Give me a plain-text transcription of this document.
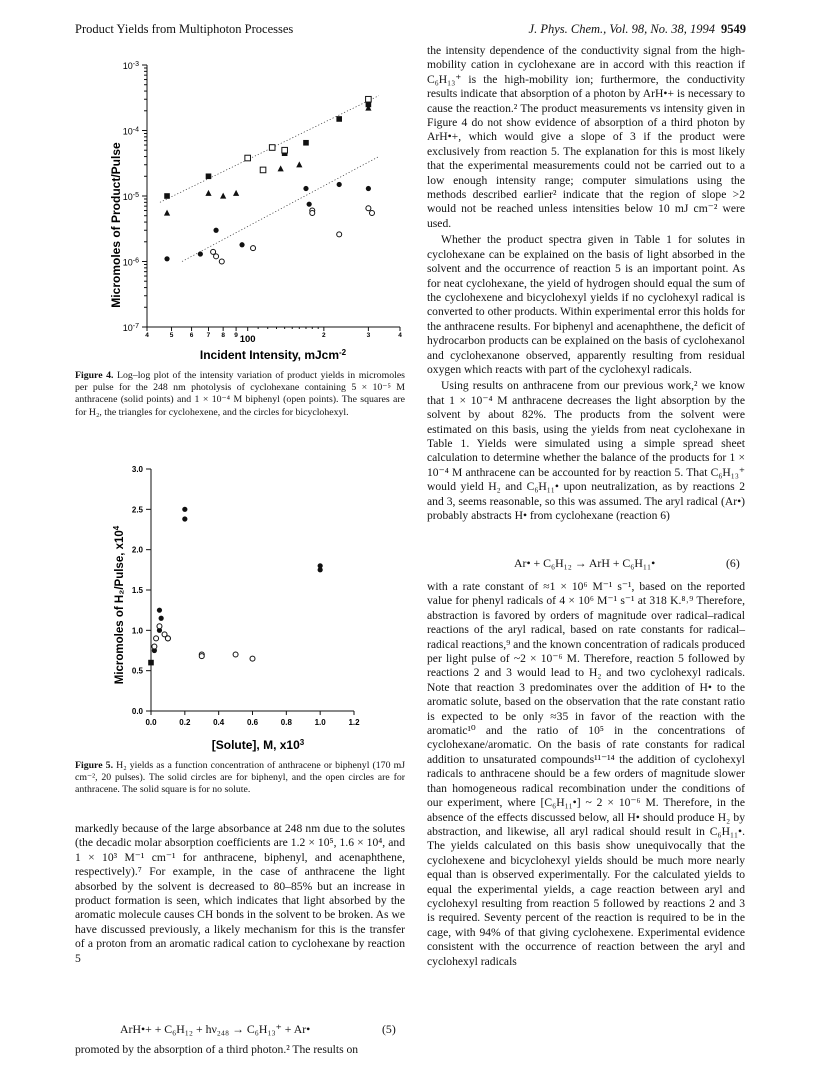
Product Yields from Multiphoton Processes	J. Phys. Chem., Vol. 98, No. 38, 1994 9549
$10^{-3}$
$10^{-4}$
$10^{-5}$
$10^{-6}$
$10^{-7}$
4	5	6 7 8 9 100	2	3	4
Micromoles of Product/Pulse
Incident Intensity, mJcm$^{-2}$
Figure 4. Log–log plot of the intensity variation of product yields in micromoles per pulse for the 248 nm photolysis of cyclohexane containing 5 × 10⁻⁵ M anthracene (solid points) and 1 × 10⁻⁴ M biphenyl (open points). The squares are for H₂, the triangles for cyclohexene, and the circles for bicyclohexyl.
0.0
0.5
1.0
1.5
2.0
2.5
3.0
0.0	0.2	0.4	0.6	0.8	1.0	1.2
Micromoles of H₂/Pulse, $x10^4$
[Solute], M, $x10^3$
Figure 5. H₂ yields as a function concentration of anthracene or biphenyl (170 mJ cm⁻², 20 pulses). The solid circles are for biphenyl, and the open circles are for anthracene. The solid square is for no solute.

markedly because of the large absorbance at 248 nm due to the solutes (the decadic molar absorption coefficients are 1.2 × 10⁵, 1.6 × 10⁴, and 1 × 10³ M⁻¹ cm⁻¹ for anthracene, biphenyl, and acenaphthene, respectively).⁷ For example, in the case of anthracene the light absorbed by the solvent is decreased to 80–85% but an increase in product formation is seen, which indicates that light absorbed by the aromatic molecule causes CH bonds in the solvent to be broken. As we have discussed previously, a likely mechanism for this is the transfer of a proton from an aromatic radical cation to cyclohexane by reaction 5

ArH•+ + C₆H₁₂ + hν₂₄₈ → C₆H₁₃⁺ + Ar•	(5)

promoted by the absorption of a third photon.² The results on

the intensity dependence of the conductivity signal from the high-mobility cation in cyclohexane are in accord with this reaction if C₆H₁₃⁺ is the high-mobility ion; furthermore, the conductivity results indicate that absorption of a photon by ArH•+ is necessary to cause the reaction.² The product measurements vs intensity given in Figure 4 do not show evidence of absorption of a third photon by ArH•+, which would give a slope of 3 if the product were exclusively from reaction 5. The explanation for this is most likely that the experimental measurements could not be carried out to a low enough intensity range; computer simulations using the methods described earlier² indicate that the region of slope >2 would not be reached unless intensities below 10 mJ cm⁻² were used.

Whether the product spectra given in Table 1 for solutes in cyclohexane can be explained on the basis of light absorbed in the solvent and the occurrence of reaction 5 is an important point. As for neat cyclohexane, the yield of hydrogen should equal the sum of the cyclohexene and bicyclohexyl yields if no cyclohexyl radical is converted to other products. Within experimental error this holds for the anthracene results. For biphenyl and acenaphthene, the deficit of hydrocarbon products can be explained on the basis of cyclohexanol and cyclohexanone observed, apparently resulting from residual oxygen which reacts with part of the cyclohexyl radicals.

Using results on anthracene from our previous work,² we know that 1 × 10⁻⁴ M anthracene decreases the light absorption by the solvent by about 82%. The products from the solvent were estimated on this basis, using the yields from neat cyclohexane in Table 1. Yields were simulated using a simple spread sheet calculation to determine whether the balance of the products for 1 × 10⁻⁴ M anthracene can be accounted for by reaction 5. That C₆H₁₃⁺ would yield H₂ and C₆H₁₁• upon neutralization, as by reactions 2 and 3, seems reasonable, so this was assumed. The aryl radical (Ar•) probably abstracts H• from cyclohexane (reaction 6)

Ar• + C₆H₁₂ → ArH + C₆H₁₁•	(6)

with a rate constant of ≈1 × 10⁶ M⁻¹ s⁻¹, based on the reported value for phenyl radicals of 4 × 10⁶ M⁻¹ s⁻¹ at 318 K.⁸˒⁹ Therefore, abstraction is favored by orders of magnitude over radical–radical reactions of the aryl radical, based on rate constants for radical–radical reactions,⁹ and the known concentration of radicals produced per light pulse of ~2 × 10⁻⁶ M. Therefore, reaction 5 followed by reactions 2 and 3 would lead to H₂ and two cyclohexyl radicals. Note that reaction 3 predominates over the addition of H• to the aromatic solute, based on the observation that the rate constant ratio is expected to be only ≈35 in favor of the reaction with the aromatic¹⁰ and the ratio of 10⁵ in the concentrations of cyclohexane/aromatic. On the basis of rate constants for radical addition to unsaturated compounds¹¹⁻¹⁴ the addition of cyclohexyl radicals to anthracene should be a few orders of magnitude slower than homogeneous radical recombination under the conditions of our experiment, where [C₆H₁₁•] ~ 2 × 10⁻⁶ M. Therefore, in the absence of the effects discussed below, all H• should produce H₂ by abstraction, and likewise, all aryl radical should result in C₆H₁₁•. The yields calculated on this basis show unequivocally that the cyclohexene and bicyclohexyl yields should be much more nearly equal than is observed experimentally. For the calculated yields to equal the experimental yields, a cage reaction between aryl and cyclohexyl resulting from reaction 5 followed by reactions 2 and 3 is required. Seventy percent of the reaction is required to be in the cage, with 94% of that giving cyclohexene. Experimental evidence consistent with the occurrence of reaction between the aryl and cyclohexyl radicals
